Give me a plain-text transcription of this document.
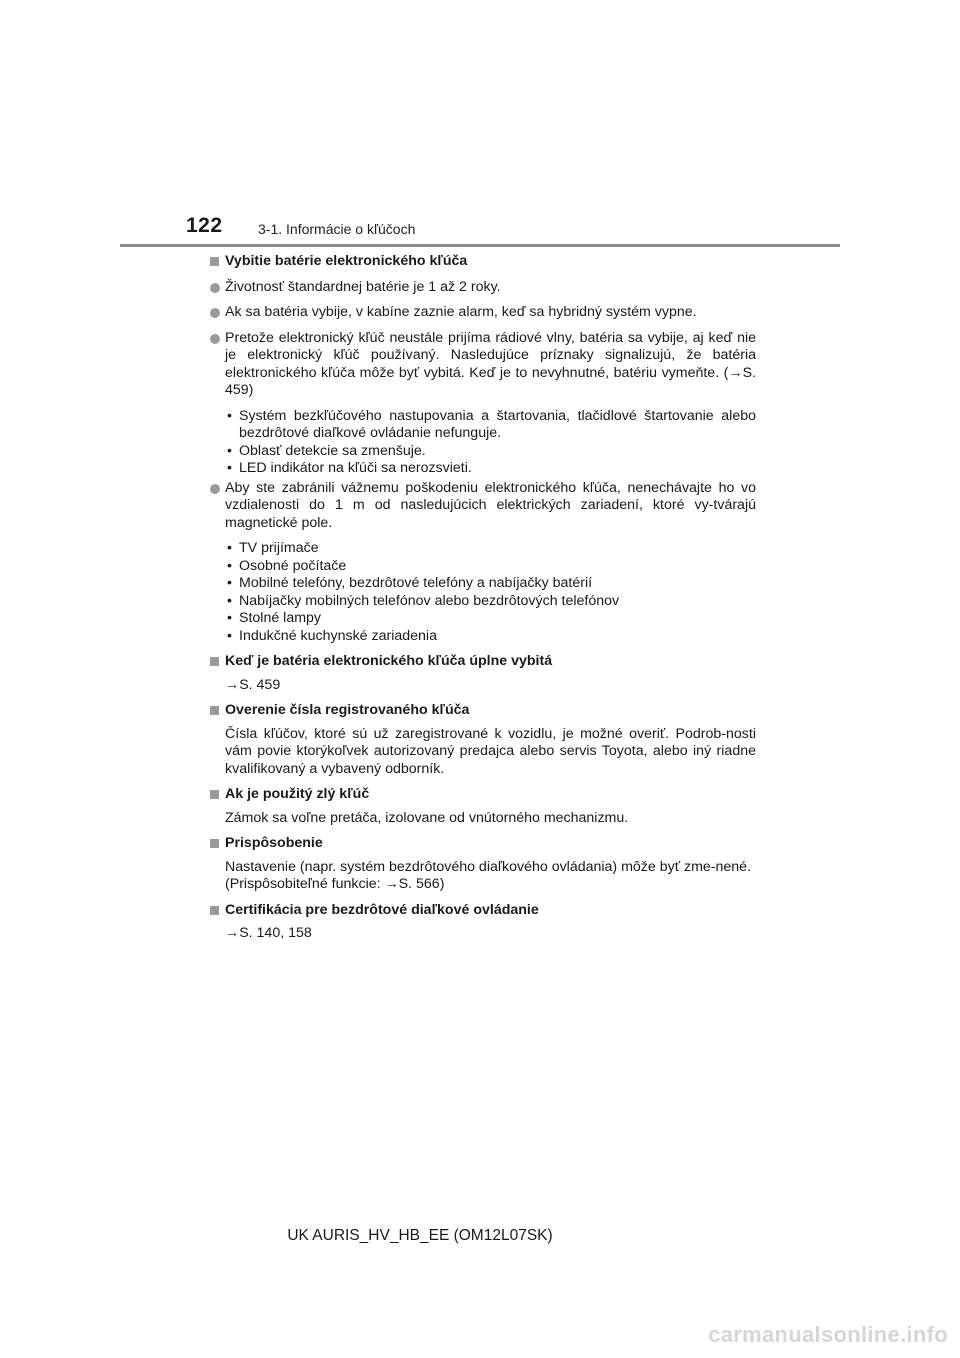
122	3-1. Informácie o kľúčoch
Vybitie batérie elektronického kľúča
Životnosť štandardnej batérie je 1 až 2 roky.
Ak sa batéria vybije, v kabíne zaznie alarm, keď sa hybridný systém vypne.
Pretože elektronický kľúč neustále prijíma rádiové vlny, batéria sa vybije, aj keď nie je elektronický kľúč používaný. Nasledujúce príznaky signalizujú, že batéria elektronického kľúča môže byť vybitá. Keď je to nevyhnutné, batériu vymeňte. (→S. 459)
• Systém bezkľúčového nastupovania a štartovania, tlačidlové štartovanie alebo bezdrôtové diaľkové ovládanie nefunguje.
• Oblasť detekcie sa zmenšuje.
• LED indikátor na kľúči sa nerozsvieti.
Aby ste zabránili vážnemu poškodeniu elektronického kľúča, nenechávajte ho vo vzdialenosti do 1 m od nasledujúcich elektrických zariadení, ktoré vy-tvárajú magnetické pole.
• TV prijímače
• Osobné počítače
• Mobilné telefóny, bezdrôtové telefóny a nabíjačky batérií
• Nabíjačky mobilných telefónov alebo bezdrôtových telefónov
• Stolné lampy
• Indukčné kuchynské zariadenia
Keď je batéria elektronického kľúča úplne vybitá
→S. 459
Overenie čísla registrovaného kľúča
Čísla kľúčov, ktoré sú už zaregistrované k vozidlu, je možné overiť. Podrob-nosti vám povie ktorýkoľvek autorizovaný predajca alebo servis Toyota, alebo iný riadne kvalifikovaný a vybavený odborník.
Ak je použitý zlý kľúč
Zámok sa voľne pretáča, izolovane od vnútorného mechanizmu.
Prispôsobenie
Nastavenie (napr. systém bezdrôtového diaľkového ovládania) môže byť zme-nené.
(Prispôsobiteľné funkcie: →S. 566)
Certifikácia pre bezdrôtové diaľkové ovládanie
→S. 140, 158
UK AURIS_HV_HB_EE (OM12L07SK)
carmanualsonline.info
